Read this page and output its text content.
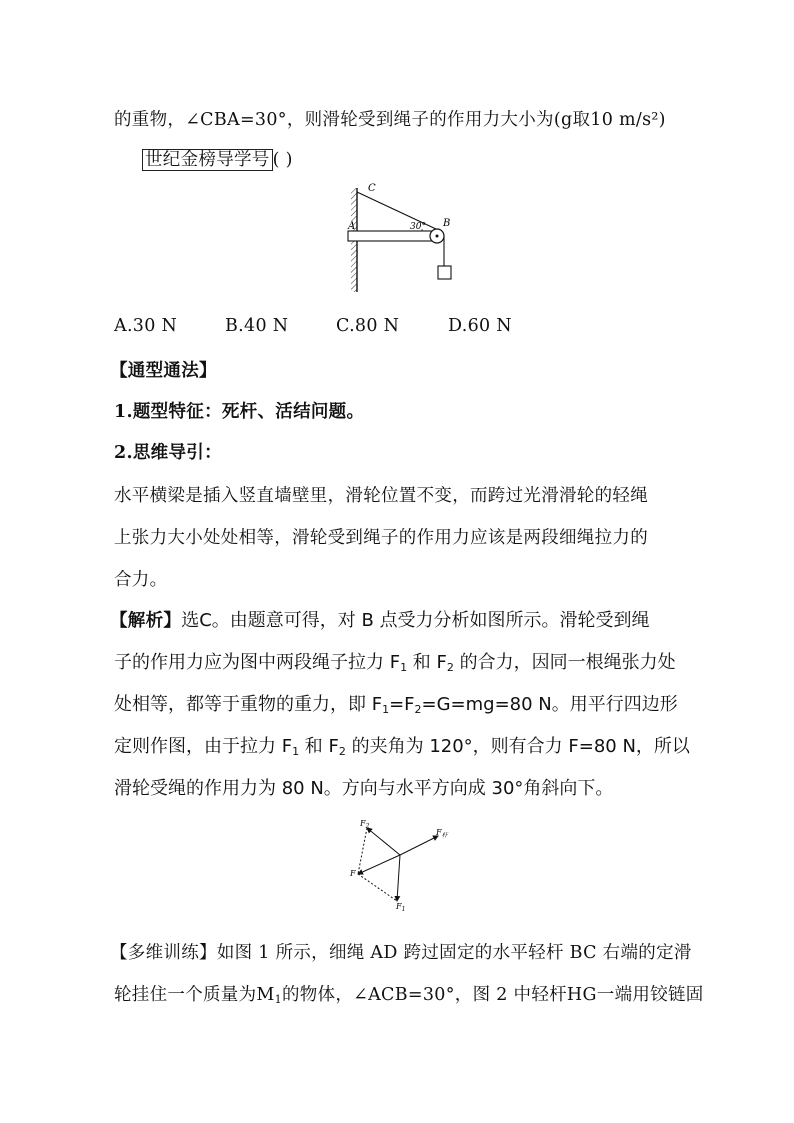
的重物，∠CBA=30°，则滑轮受到绳子的作用力大小为(g取10 m/s²)
世纪金榜导学号 ( )
C
A	B
30°
A.30 N	B.40 N	C.80 N	D.60 N
【通型通法】
1.题型特征：死杆、活结问题。
2.思维导引：
水平横梁是插入竖直墙壁里，滑轮位置不变，而跨过光滑滑轮的轻绳
上张力大小处处相等，滑轮受到绳子的作用力应该是两段细绳拉力的
合力。
【解析】选C。由题意可得，对 B 点受力分析如图所示。滑轮受到绳
子的作用力应为图中两段绳子拉力 $F_1$ 和 $F_2$ 的合力，因同一根绳张力处
处相等，都等于重物的重力，即 $F_1=F_2=G=mg=80$ N。用平行四边形
定则作图，由于拉力 $F_1$ 和 $F_2$ 的夹角为 120°，则有合力 F=80 N，所以
滑轮受绳的作用力为 80 N。方向与水平方向成 30°角斜向下。
$F_2$
$F_杆$
F
$F_1$
【多维训练】如图 1 所示，细绳 AD 跨过固定的水平轻杆 BC 右端的定滑
轮挂住一个质量为$M_1$的物体，∠ACB=30°，图 2 中轻杆HG一端用铰链固
